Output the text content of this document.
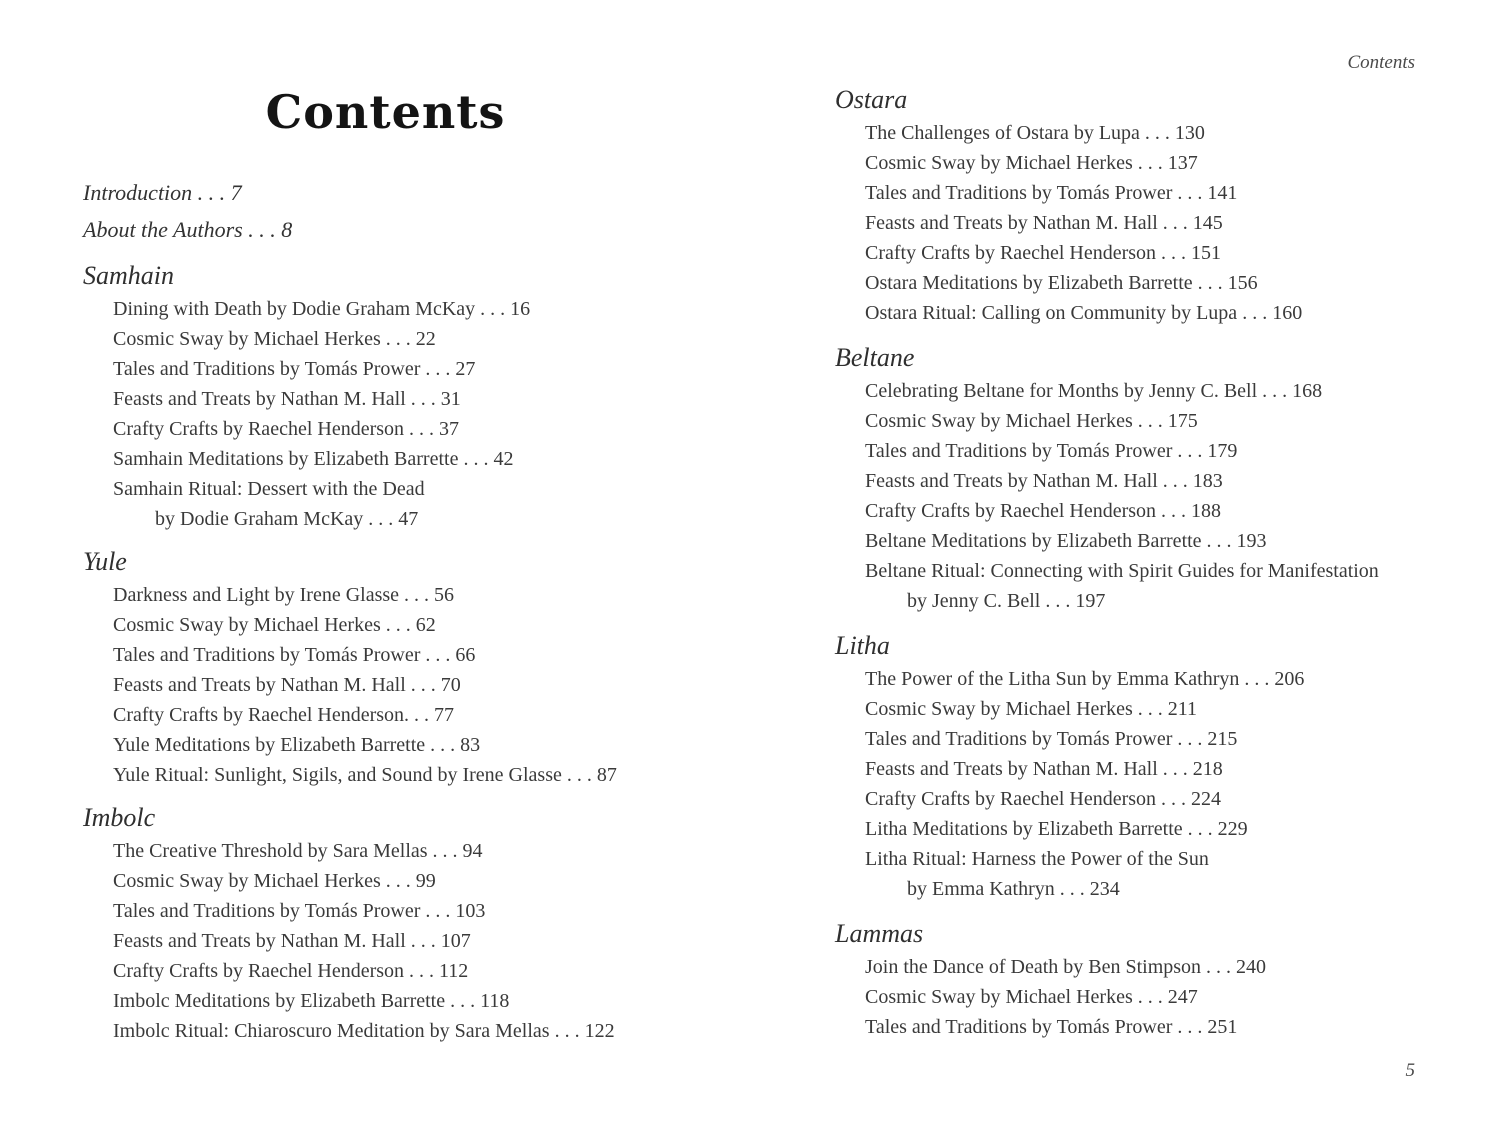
Contents
Introduction . . . 7
About the Authors . . . 8
Samhain
Dining with Death by Dodie Graham McKay . . . 16
Cosmic Sway by Michael Herkes . . . 22
Tales and Traditions by Tomás Prower . . . 27
Feasts and Treats by Nathan M. Hall . . . 31
Crafty Crafts by Raechel Henderson . . . 37
Samhain Meditations by Elizabeth Barrette . . . 42
Samhain Ritual: Dessert with the Dead
by Dodie Graham McKay . . . 47
Yule
Darkness and Light by Irene Glasse . . . 56
Cosmic Sway by Michael Herkes . . . 62
Tales and Traditions by Tomás Prower . . . 66
Feasts and Treats by Nathan M. Hall . . . 70
Crafty Crafts by Raechel Henderson. . . 77
Yule Meditations by Elizabeth Barrette . . . 83
Yule Ritual: Sunlight, Sigils, and Sound by Irene Glasse . . . 87
Imbolc
The Creative Threshold by Sara Mellas . . . 94
Cosmic Sway by Michael Herkes . . . 99
Tales and Traditions by Tomás Prower . . . 103
Feasts and Treats by Nathan M. Hall . . . 107
Crafty Crafts by Raechel Henderson . . . 112
Imbolc Meditations by Elizabeth Barrette . . . 118
Imbolc Ritual: Chiaroscuro Meditation by Sara Mellas . . . 122
Contents
Ostara
The Challenges of Ostara by Lupa . . . 130
Cosmic Sway by Michael Herkes . . . 137
Tales and Traditions by Tomás Prower . . . 141
Feasts and Treats by Nathan M. Hall . . . 145
Crafty Crafts by Raechel Henderson . . . 151
Ostara Meditations by Elizabeth Barrette . . . 156
Ostara Ritual: Calling on Community by Lupa . . . 160
Beltane
Celebrating Beltane for Months by Jenny C. Bell . . . 168
Cosmic Sway by Michael Herkes . . . 175
Tales and Traditions by Tomás Prower . . . 179
Feasts and Treats by Nathan M. Hall . . . 183
Crafty Crafts by Raechel Henderson . . . 188
Beltane Meditations by Elizabeth Barrette . . . 193
Beltane Ritual: Connecting with Spirit Guides for Manifestation
by Jenny C. Bell . . . 197
Litha
The Power of the Litha Sun by Emma Kathryn . . . 206
Cosmic Sway by Michael Herkes . . . 211
Tales and Traditions by Tomás Prower . . . 215
Feasts and Treats by Nathan M. Hall . . . 218
Crafty Crafts by Raechel Henderson . . . 224
Litha Meditations by Elizabeth Barrette . . . 229
Litha Ritual: Harness the Power of the Sun
by Emma Kathryn . . . 234
Lammas
Join the Dance of Death by Ben Stimpson . . . 240
Cosmic Sway by Michael Herkes . . . 247
Tales and Traditions by Tomás Prower . . . 251
5
